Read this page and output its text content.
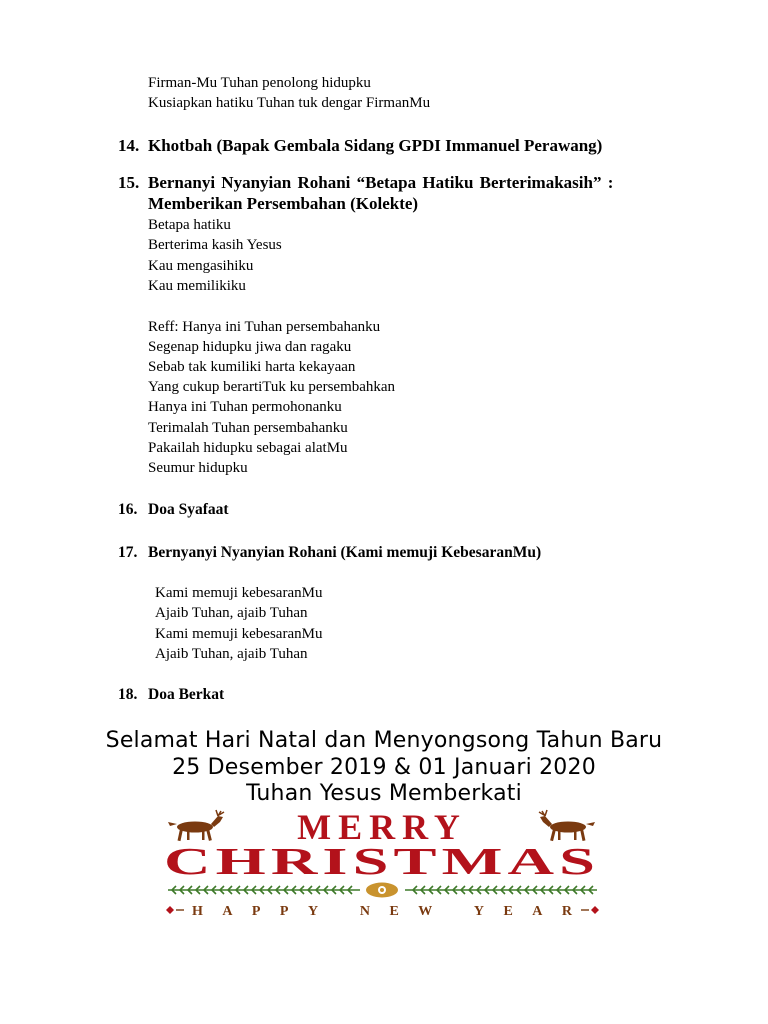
Firman-Mu Tuhan penolong hidupku
Kusiapkan hatiku Tuhan tuk dengar FirmanMu
14. Khotbah (Bapak Gembala Sidang GPDI Immanuel Perawang)
15. Bernanyi Nyanyian Rohani “Betapa Hatiku Berterimakasih” :
Memberikan Persembahan (Kolekte)
Betapa hatiku
Berterima kasih Yesus
Kau mengasihiku
Kau memilikiku
Reff: Hanya ini Tuhan persembahanku
Segenap hidupku jiwa dan ragaku
Sebab tak kumiliki harta kekayaan
Yang cukup berartiTuk ku persembahkan
Hanya ini Tuhan permohonanku
Terimalah Tuhan persembahanku
Pakailah hidupku sebagai alatMu
Seumur hidupku
16. Doa Syafaat
17. Bernyanyi Nyanyian Rohani (Kami memuji KebesaranMu)
Kami memuji kebesaranMu
Ajaib Tuhan, ajaib Tuhan
Kami memuji kebesaranMu
Ajaib Tuhan, ajaib Tuhan
18. Doa Berkat
Selamat Hari Natal dan Menyongsong Tahun Baru
25 Desember 2019 & 01 Januari 2020
Tuhan Yesus Memberkati
MERRY
CHRISTMAS
HAPPY NEW YEAR
